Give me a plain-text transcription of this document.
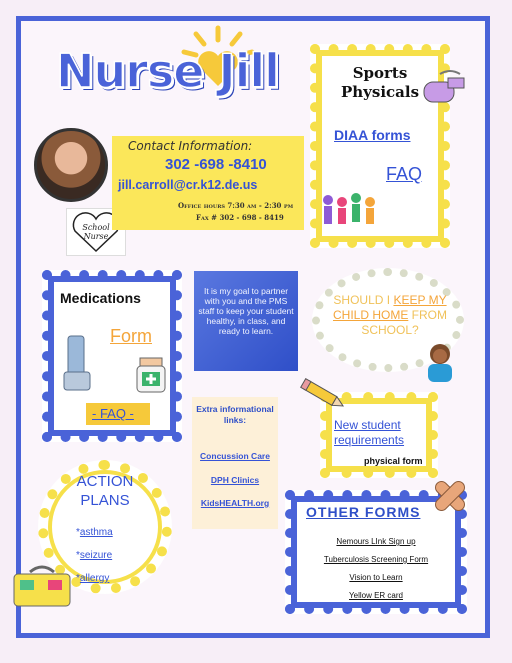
Nurse Jill
School Nurse
Contact Information:
302 -698 -8410
jill.carroll@cr.k12.de.us
Office hours 7:30 am - 2:30 pm
Fax # 302 - 698 - 8419
Sports
Physicals
DIAA forms
FAQ
Medications
Form
- FAQ -
It is my goal to partner with you and the PMS staff to keep your student healthy, in class, and ready to learn.
SHOULD I KEEP MY
CHILD HOME FROM
SCHOOL?
Extra informational links:
Concussion Care
DPH Clinics
KidsHEALTH.org
New student requirements
physical form
ACTION
PLANS
*asthma
*seizure
*allergy
OTHER FORMS
Nemours LInk Sign up
Tuberculosis Screening Form
Vision to Learn
Yellow ER card
